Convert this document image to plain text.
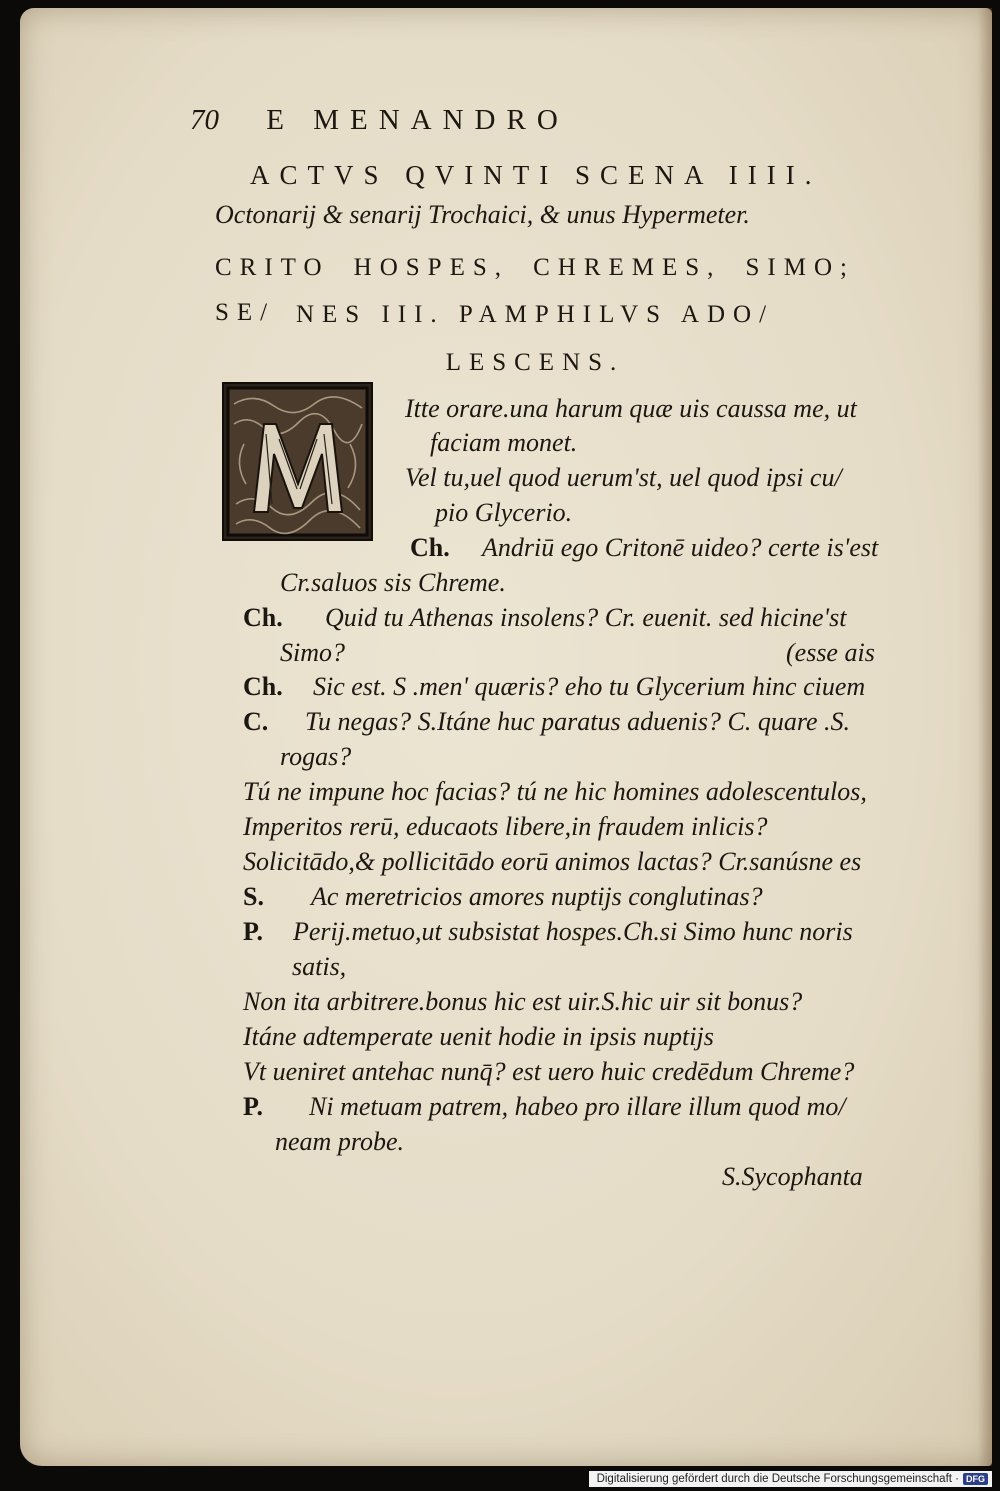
70 E MENANDRO
ACTVS QVINTI SCENA IIII.
Octonarij & senarij Trochaici, & unus Hypermeter.
CRITO HOSPES, CHREMES, SIMO; SE/ NES III. PAMPHILVS ADO/
LESCENS.
Itte orare.una harum quæ uis caussa me, ut
faciam monet.
Vel tu,uel quod uerum'st, uel quod ipsi cu/
pio Glycerio.
Ch. Andriū ego Critonē uideo? certe is'est
Cr.saluos sis Chreme.
Ch. Quid tu Athenas insolens? Cr. euenit. sed hicine'st
Simo?	(esse ais
Ch. Sic est. S .men' quæris? eho tu Glycerium hinc ciuem
C. Tu negas? S.Itáne huc paratus aduenis? C. quare .S.
rogas?
Tú ne impune hoc facias? tú ne hic homines adolescentulos,
Imperitos rerū, educaots libere,in fraudem inlicis?
Solicitādo,& pollicitādo eorū animos lactas? Cr.sanúsne es
S. Ac meretricios amores nuptijs conglutinas?
P. Perij.metuo,ut subsistat hospes.Ch.si Simo hunc noris
satis,
Non ita arbitrere.bonus hic est uir.S.hic uir sit bonus?
Itáne adtemperate uenit hodie in ipsis nuptijs
Vt ueniret antehac nunq̄? est uero huic credēdum Chreme?
P. Ni metuam patrem, habeo pro illare illum quod mo/
neam probe.
S.Sycophanta
Digitalisierung gefördert durch die Deutsche Forschungsgemeinschaft · DFG
